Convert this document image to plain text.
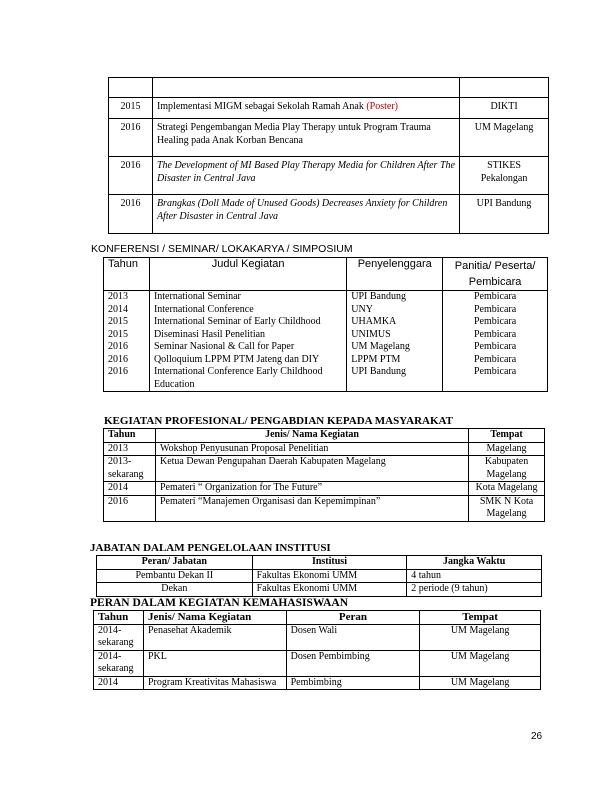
2015	Implementasi MIGM sebagai Sekolah Ramah Anak (Poster)	DIKTI
2016	Strategi Pengembangan Media Play Therapy untuk Program Trauma Healing pada Anak Korban Bencana	UM Magelang
2016	The Development of MI Based Play Therapy Media for Children After The Disaster in Central Java	STIKES Pekalongan
2016	Brangkas (Doll Made of Unused Goods) Decreases Anxiety for Children After Disaster in Central Java	UPI Bandung
KONFERENSI / SEMINAR/ LOKAKARYA / SIMPOSIUM
Tahun	Judul Kegiatan	Penyelenggara	Panitia/ Peserta/ Pembicara
2013	International Seminar	UPI Bandung	Pembicara
2014	International Conference	UNY	Pembicara
2015	International Seminar of Early Childhood	UHAMKA	Pembicara
2015	Diseminasi Hasil Penelitian	UNIMUS	Pembicara
2016	Seminar Nasional & Call for Paper	UM Magelang	Pembicara
2016	Qolloquium LPPM PTM Jateng dan DIY	LPPM PTM	Pembicara
2016	International Conference Early Childhood Education	UPI Bandung	Pembicara
KEGIATAN PROFESIONAL/ PENGABDIAN KEPADA MASYARAKAT
Tahun	Jenis/ Nama Kegiatan	Tempat
2013	Wokshop Penyusunan Proposal Penelitian	Magelang
2013-sekarang	Ketua Dewan Pengupahan Daerah Kabupaten Magelang	Kabupaten Magelang
2014	Pemateri “ Organization for The Future”	Kota Magelang
2016	Pemateri “Manajemen Organisasi dan Kepemimpinan”	SMK N Kota Magelang
JABATAN DALAM PENGELOLAAN INSTITUSI
Peran/ Jabatan	Institusi	Jangka Waktu
Pembantu Dekan II	Fakultas Ekonomi UMM	4 tahun
Dekan	Fakultas Ekonomi UMM	2 periode (9 tahun)
PERAN DALAM KEGIATAN KEMAHASISWAAN
Tahun	Jenis/ Nama Kegiatan	Peran	Tempat
2014-sekarang	Penasehat Akademik	Dosen Wali	UM Magelang
2014-sekarang	PKL	Dosen Pembimbing	UM Magelang
2014	Program Kreativitas Mahasiswa	Pembimbing	UM Magelang
26
